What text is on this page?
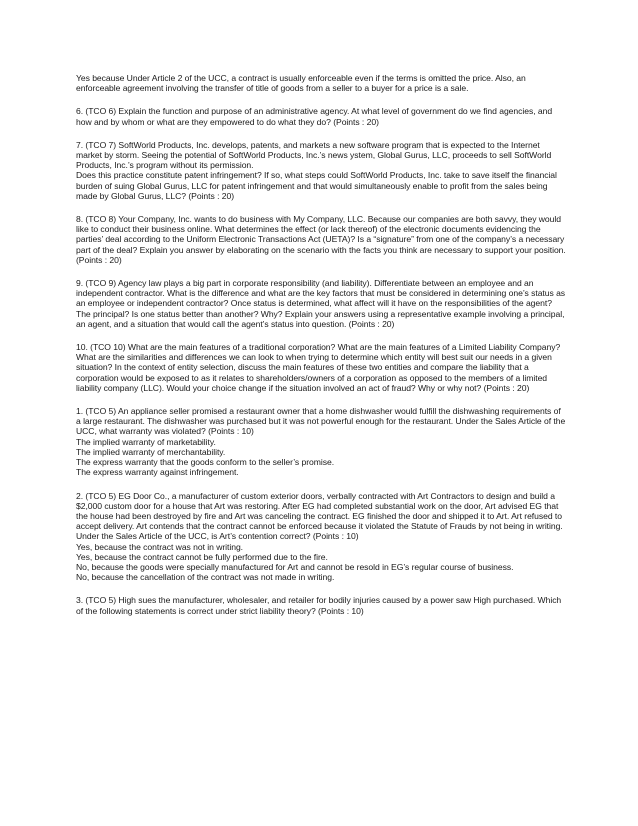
Yes because Under Article 2 of the UCC, a contract is usually enforceable even if the terms is omitted the price. Also, an enforceable agreement involving the transfer of title of goods from a seller to a buyer for a price is a sale.
6. (TCO 6) Explain the function and purpose of an administrative agency. At what level of government do we find agencies, and how and by whom or what are they empowered to do what they do? (Points : 20)
7. (TCO 7) SoftWorld Products, Inc. develops, patents, and markets a new software program that is expected to the Internet market by storm. Seeing the potential of SoftWorld Products, Inc.’s news ystem, Global Gurus, LLC, proceeds to sell SoftWorld Products, Inc.’s program without its permission.
Does this practice constitute patent infringement? If so, what steps could SoftWorld Products, Inc. take to save itself the financial burden of suing Global Gurus, LLC for patent infringement and that would simultaneously enable to profit from the sales being made by Global Gurus, LLC? (Points : 20)
8. (TCO 8) Your Company, Inc. wants to do business with My Company, LLC. Because our companies are both savvy, they would like to conduct their business online. What determines the effect (or lack thereof) of the electronic documents evidencing the parties’ deal according to the Uniform Electronic Transactions Act (UETA)? Is a “signature” from one of the company’s a necessary part of the deal? Explain you answer by elaborating on the scenario with the facts you think are necessary to support your position. (Points : 20)
9. (TCO 9) Agency law plays a big part in corporate responsibility (and liability). Differentiate between an employee and an independent contractor. What is the difference and what are the key factors that must be considered in determining one’s status as an employee or independent contractor? Once status is determined, what affect will it have on the responsibilities of the agent? The principal? Is one status better than another? Why? Explain your answers using a representative example involving a principal, an agent, and a situation that would call the agent’s status into question. (Points : 20)
10. (TCO 10) What are the main features of a traditional corporation? What are the main features of a Limited Liability Company? What are the similarities and differences we can look to when trying to determine which entity will best suit our needs in a given situation? In the context of entity selection, discuss the main features of these two entities and compare the liability that a corporation would be exposed to as it relates to shareholders/owners of a corporation as opposed to the members of a limited liability company (LLC). Would your choice change if the situation involved an act of fraud? Why or why not? (Points : 20)
1. (TCO 5) An appliance seller promised a restaurant owner that a home dishwasher would fulfill the dishwashing requirements of a large restaurant. The dishwasher was purchased but it was not powerful enough for the restaurant. Under the Sales Article of the UCC, what warranty was violated? (Points : 10)
The implied warranty of marketability.
The implied warranty of merchantability.
The express warranty that the goods conform to the seller’s promise.
The express warranty against infringement.
2. (TCO 5) EG Door Co., a manufacturer of custom exterior doors, verbally contracted with Art Contractors to design and build a $2,000 custom door for a house that Art was restoring. After EG had completed substantial work on the door, Art advised EG that the house had been destroyed by fire and Art was canceling the contract. EG finished the door and shipped it to Art. Art refused to accept delivery. Art contends that the contract cannot be enforced because it violated the Statute of Frauds by not being in writing. Under the Sales Article of the UCC, is Art’s contention correct? (Points : 10)
Yes, because the contract was not in writing.
Yes, because the contract cannot be fully performed due to the fire.
No, because the goods were specially manufactured for Art and cannot be resold in EG’s regular course of business.
No, because the cancellation of the contract was not made in writing.
3. (TCO 5) High sues the manufacturer, wholesaler, and retailer for bodily injuries caused by a power saw High purchased. Which of the following statements is correct under strict liability theory? (Points : 10)
